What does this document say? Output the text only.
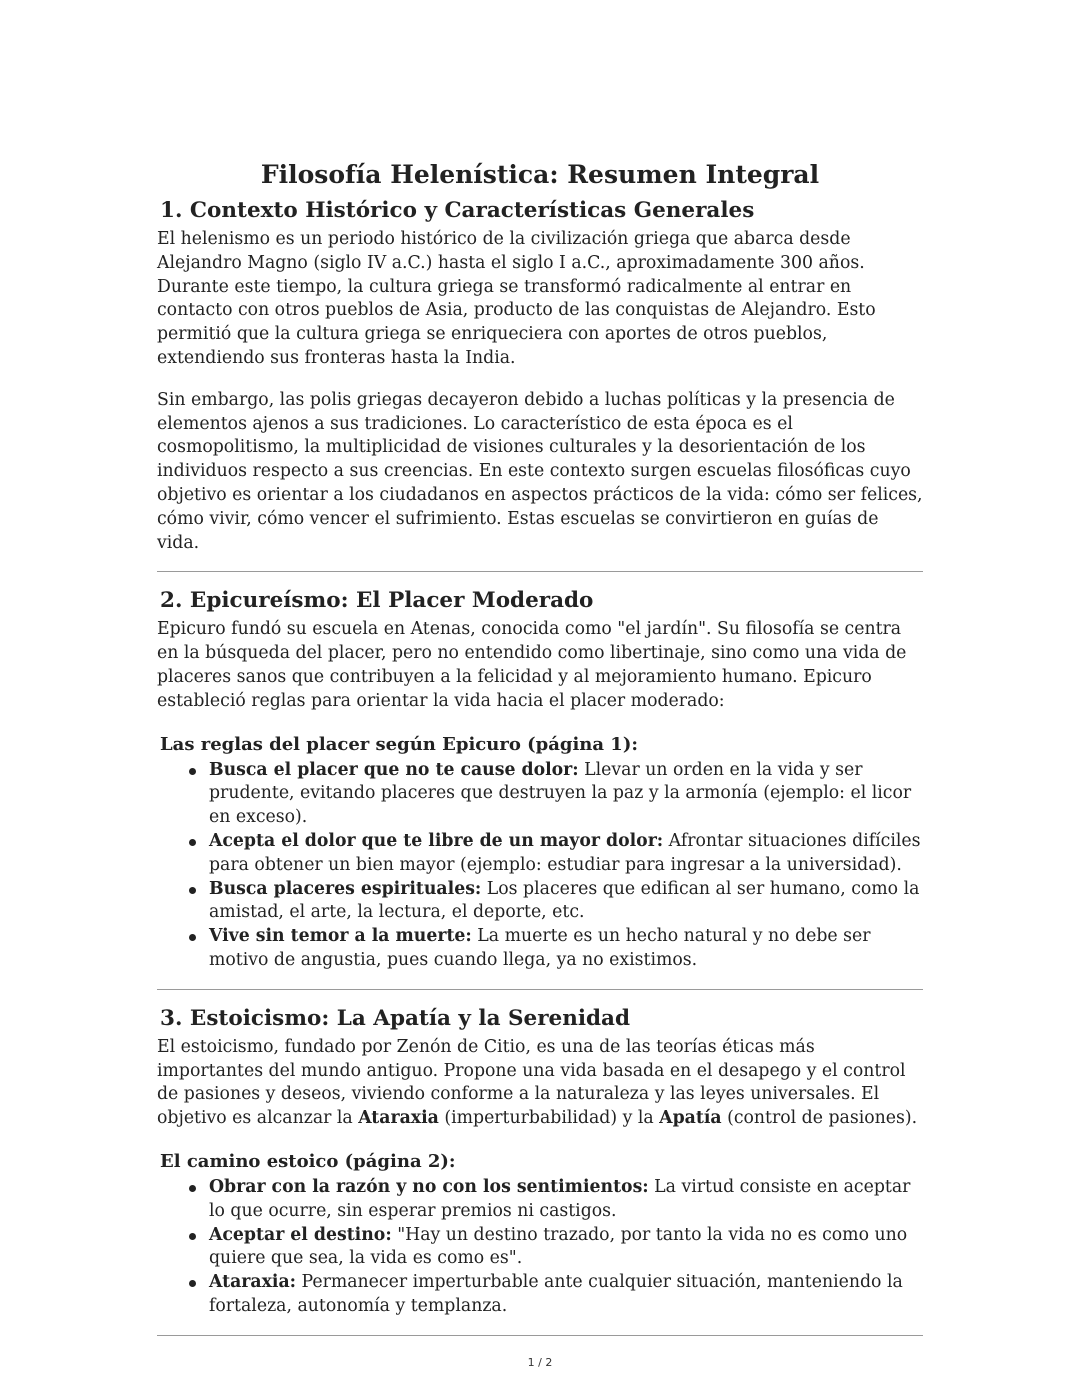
Filosofía Helenística: Resumen Integral
1. Contexto Histórico y Características Generales

El helenismo es un periodo histórico de la civilización griega que abarca desde Alejandro Magno (siglo IV a.C.) hasta el siglo I a.C., aproximadamente 300 años. Durante este tiempo, la cultura griega se transformó radicalmente al entrar en contacto con otros pueblos de Asia, producto de las conquistas de Alejandro. Esto permitió que la cultura griega se enriqueciera con aportes de otros pueblos, extendiendo sus fronteras hasta la India.

Sin embargo, las polis griegas decayeron debido a luchas políticas y la presencia de elementos ajenos a sus tradiciones. Lo característico de esta época es el cosmopolitismo, la multiplicidad de visiones culturales y la desorientación de los individuos respecto a sus creencias. En este contexto surgen escuelas filosóficas cuyo objetivo es orientar a los ciudadanos en aspectos prácticos de la vida: cómo ser felices, cómo vivir, cómo vencer el sufrimiento. Estas escuelas se convirtieron en guías de vida.

2. Epicureísmo: El Placer Moderado

Epicuro fundó su escuela en Atenas, conocida como "el jardín". Su filosofía se centra en la búsqueda del placer, pero no entendido como libertinaje, sino como una vida de placeres sanos que contribuyen a la felicidad y al mejoramiento humano. Epicuro estableció reglas para orientar la vida hacia el placer moderado:

Las reglas del placer según Epicuro (página 1):
Busca el placer que no te cause dolor: Llevar un orden en la vida y ser prudente, evitando placeres que destruyen la paz y la armonía (ejemplo: el licor en exceso).
Acepta el dolor que te libre de un mayor dolor: Afrontar situaciones difíciles para obtener un bien mayor (ejemplo: estudiar para ingresar a la universidad).
Busca placeres espirituales: Los placeres que edifican al ser humano, como la amistad, el arte, la lectura, el deporte, etc.
Vive sin temor a la muerte: La muerte es un hecho natural y no debe ser motivo de angustia, pues cuando llega, ya no existimos.
3. Estoicismo: La Apatía y la Serenidad

El estoicismo, fundado por Zenón de Citio, es una de las teorías éticas más importantes del mundo antiguo. Propone una vida basada en el desapego y el control de pasiones y deseos, viviendo conforme a la naturaleza y las leyes universales. El objetivo es alcanzar la Ataraxia (imperturbabilidad) y la Apatía (control de pasiones).

El camino estoico (página 2):
Obrar con la razón y no con los sentimientos: La virtud consiste en aceptar lo que ocurre, sin esperar premios ni castigos.
Aceptar el destino: "Hay un destino trazado, por tanto la vida no es como uno quiere que sea, la vida es como es".
Ataraxia: Permanecer imperturbable ante cualquier situación, manteniendo la fortaleza, autonomía y templanza.
1 / 2
